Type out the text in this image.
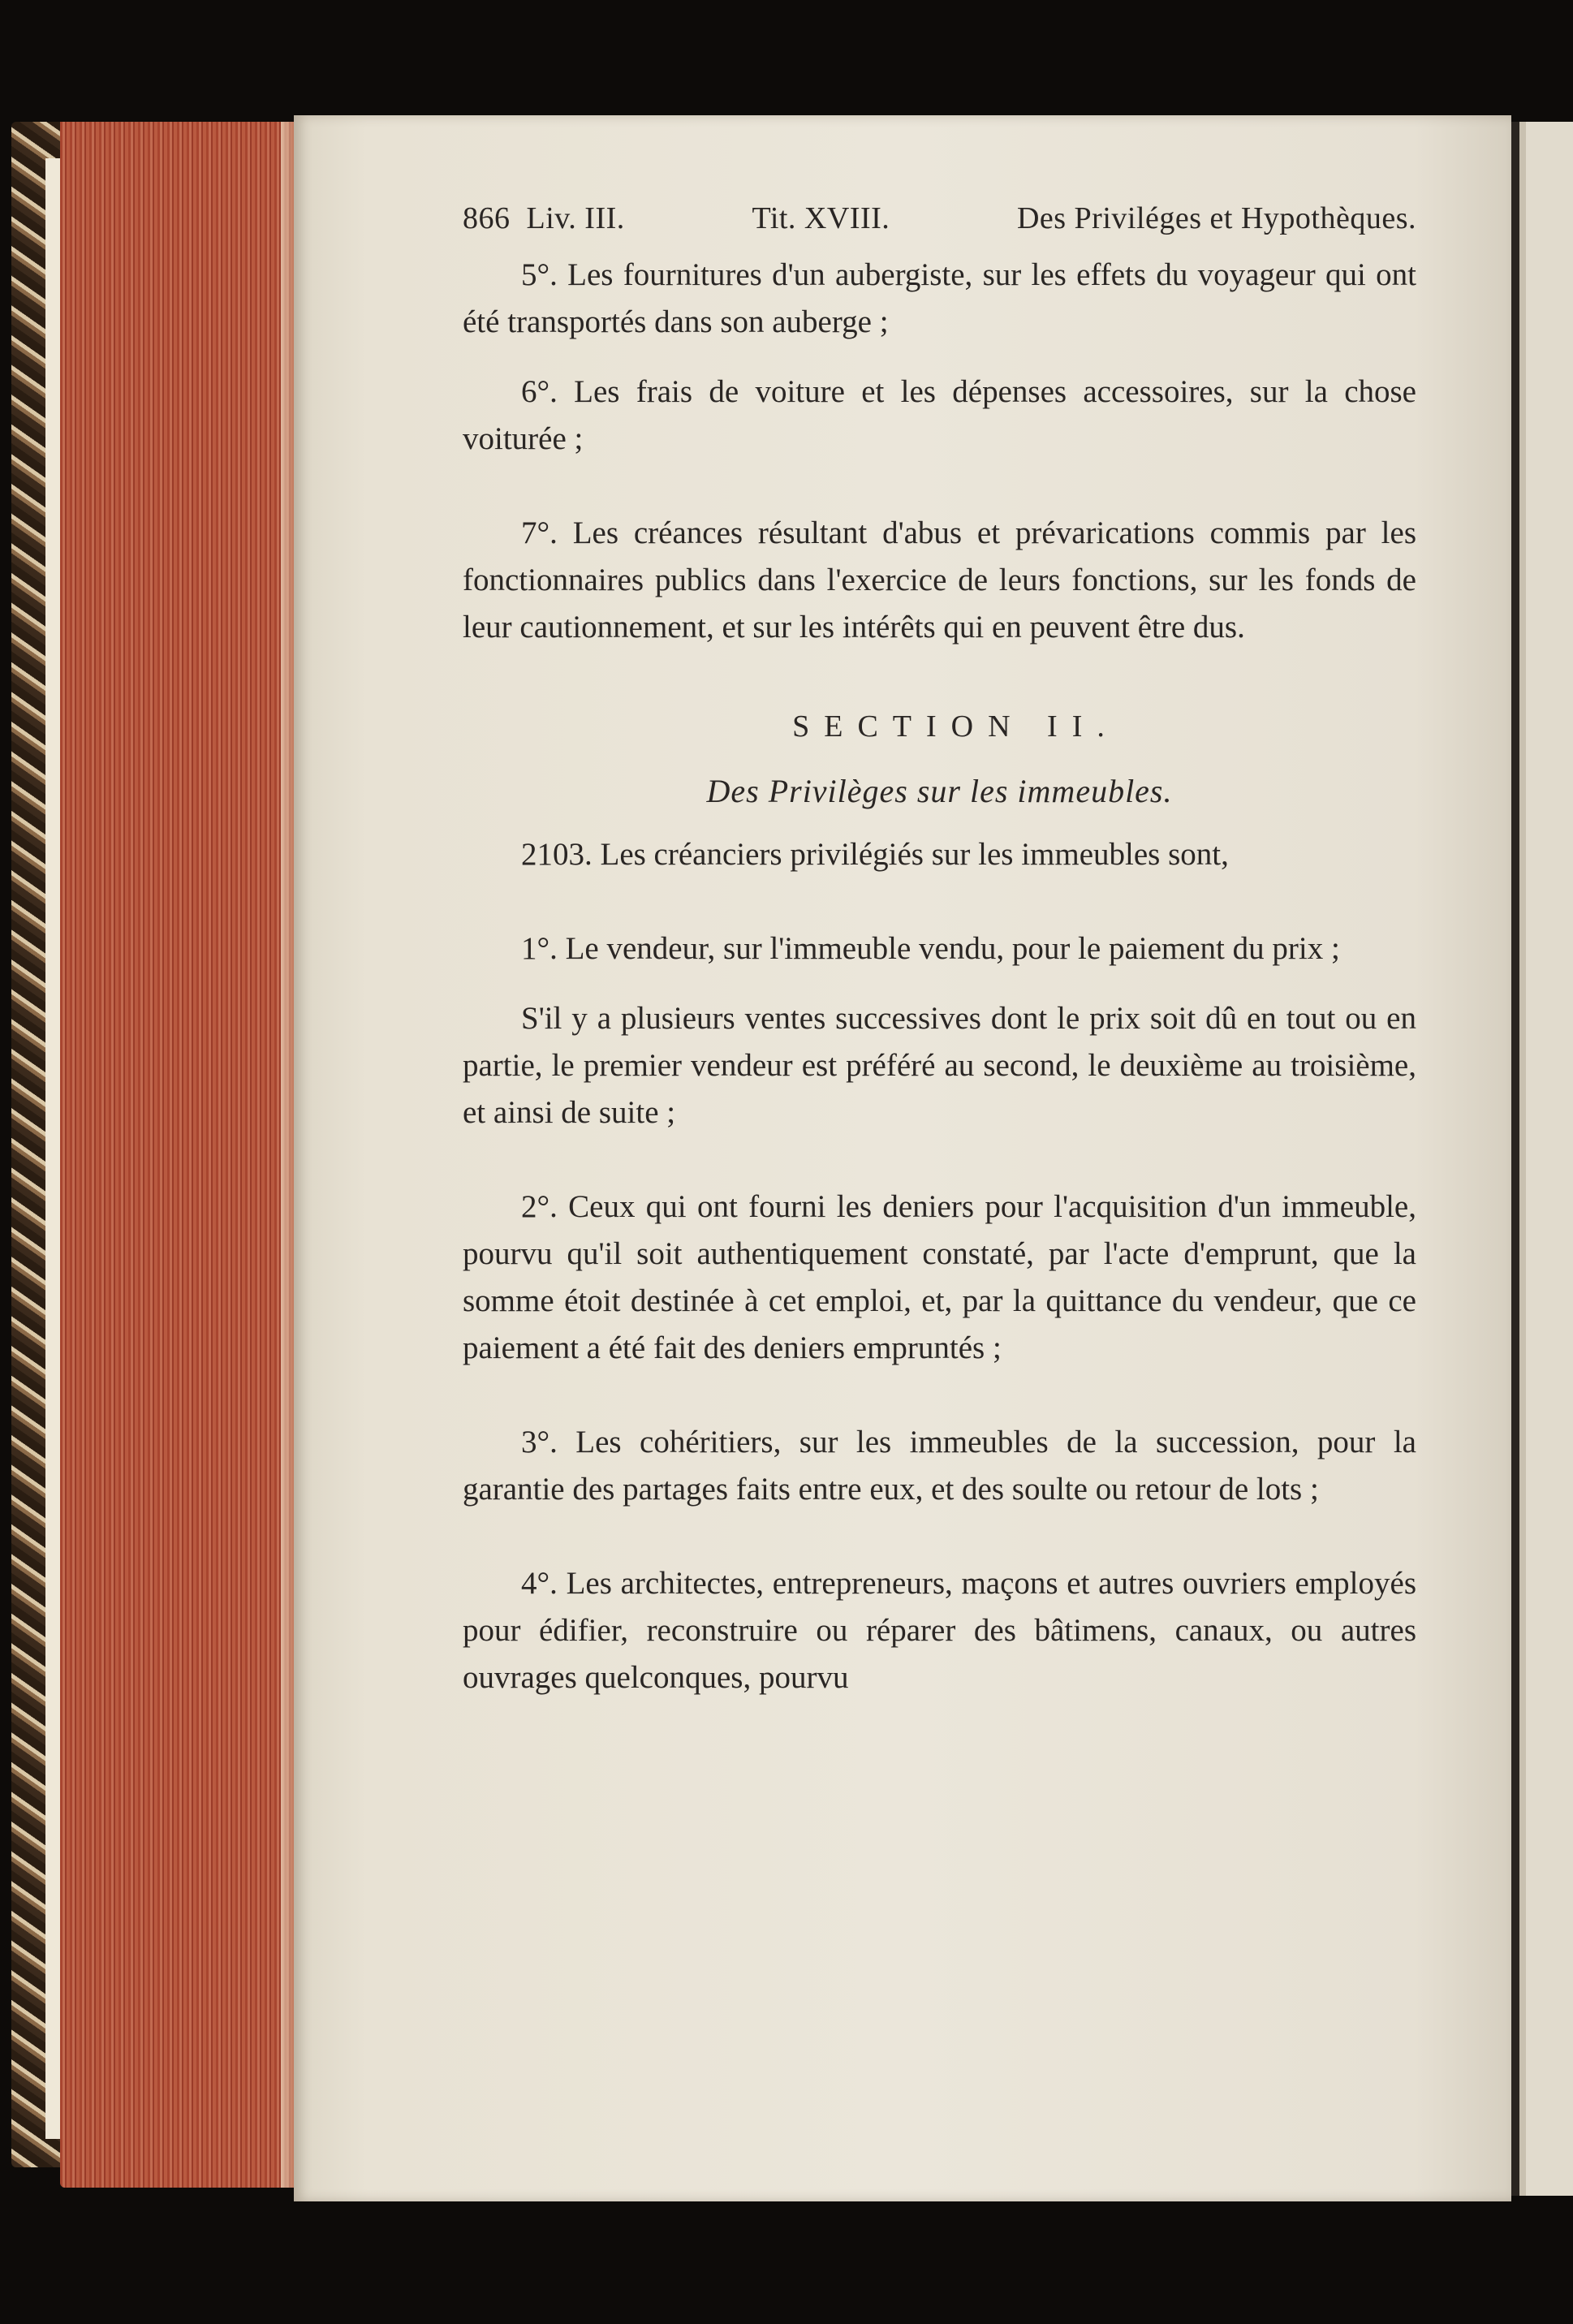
866 Liv. III.	Tit. XVIII.	Des Priviléges et Hypothèques.

5°. Les fournitures d'un aubergiste, sur les effets du voyageur qui ont été transportés dans son auberge ;

6°. Les frais de voiture et les dépenses accessoires, sur la chose voiturée ;

7°. Les créances résultant d'abus et prévarications commis par les fonctionnaires publics dans l'exercice de leurs fonctions, sur les fonds de leur cautionnement, et sur les intérêts qui en peuvent être dus.

SECTION II.
Des Privilèges sur les immeubles.

2103. Les créanciers privilégiés sur les immeubles sont,

1°. Le vendeur, sur l'immeuble vendu, pour le paiement du prix ;

S'il y a plusieurs ventes successives dont le prix soit dû en tout ou en partie, le premier vendeur est préféré au second, le deuxième au troisième, et ainsi de suite ;

2°. Ceux qui ont fourni les deniers pour l'acquisition d'un immeuble, pourvu qu'il soit authentiquement constaté, par l'acte d'emprunt, que la somme étoit destinée à cet emploi, et, par la quittance du vendeur, que ce paiement a été fait des deniers empruntés ;

3°. Les cohéritiers, sur les immeubles de la succession, pour la garantie des partages faits entre eux, et des soulte ou retour de lots ;

4°. Les architectes, entrepreneurs, maçons et autres ouvriers employés pour édifier, reconstruire ou réparer des bâtimens, canaux, ou autres ouvrages quelconques, pourvu
